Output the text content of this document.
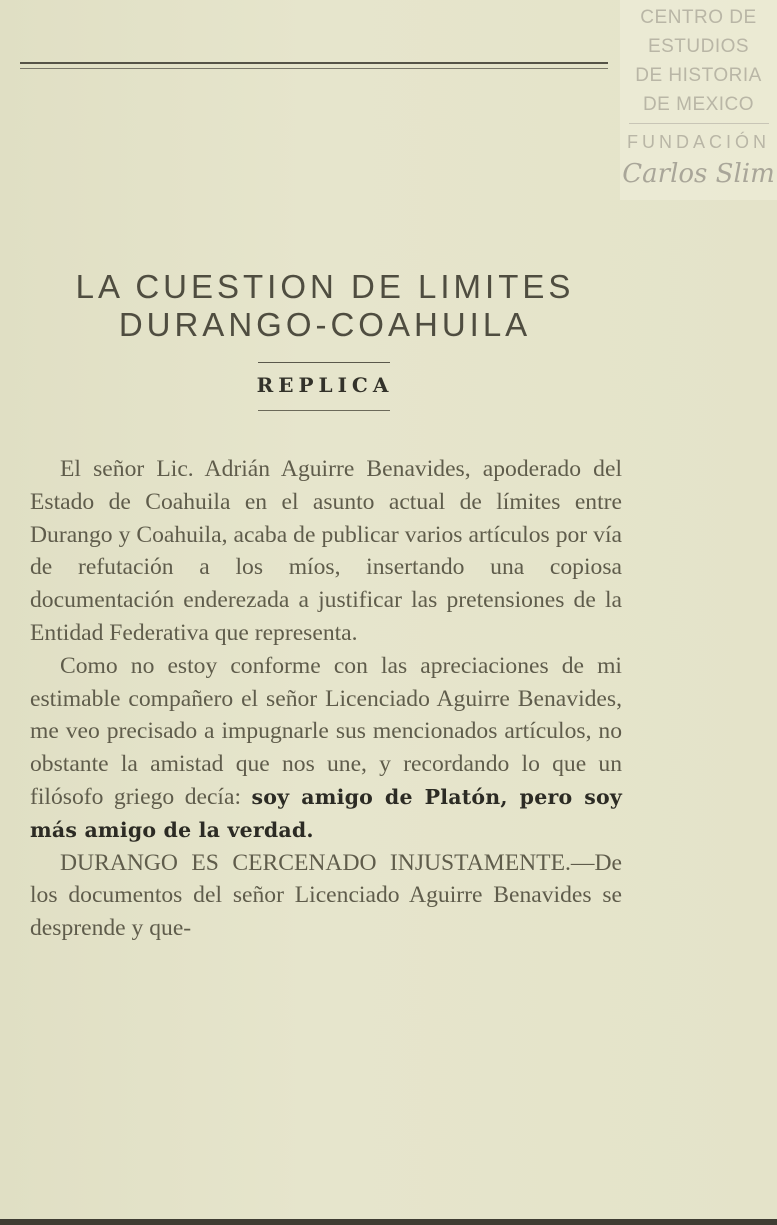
CENTRO DE
ESTUDIOS
DE HISTORIA
DE MEXICO
FUNDACIÓN
Carlos Slim
LA CUESTION DE LIMITES
DURANGO-COAHUILA
REPLICA

El señor Lic. Adrián Aguirre Benavides, apoderado del Estado de Coahuila en el asunto actual de límites entre Durango y Coahuila, acaba de publicar varios artículos por vía de refutación a los míos, insertando una copiosa documentación enderezada a justificar las pretensiones de la Entidad Federativa que representa.

Como no estoy conforme con las apreciaciones de mi estimable compañero el señor Licenciado Aguirre Benavides, me veo precisado a impugnarle sus mencionados artículos, no obstante la amistad que nos une, y recordando lo que un filósofo griego decía: soy amigo de Platón, pero soy más amigo de la verdad.

DURANGO ES CERCENADO INJUSTAMENTE.—De los documentos del señor Licenciado Aguirre Benavides se desprende y que-
